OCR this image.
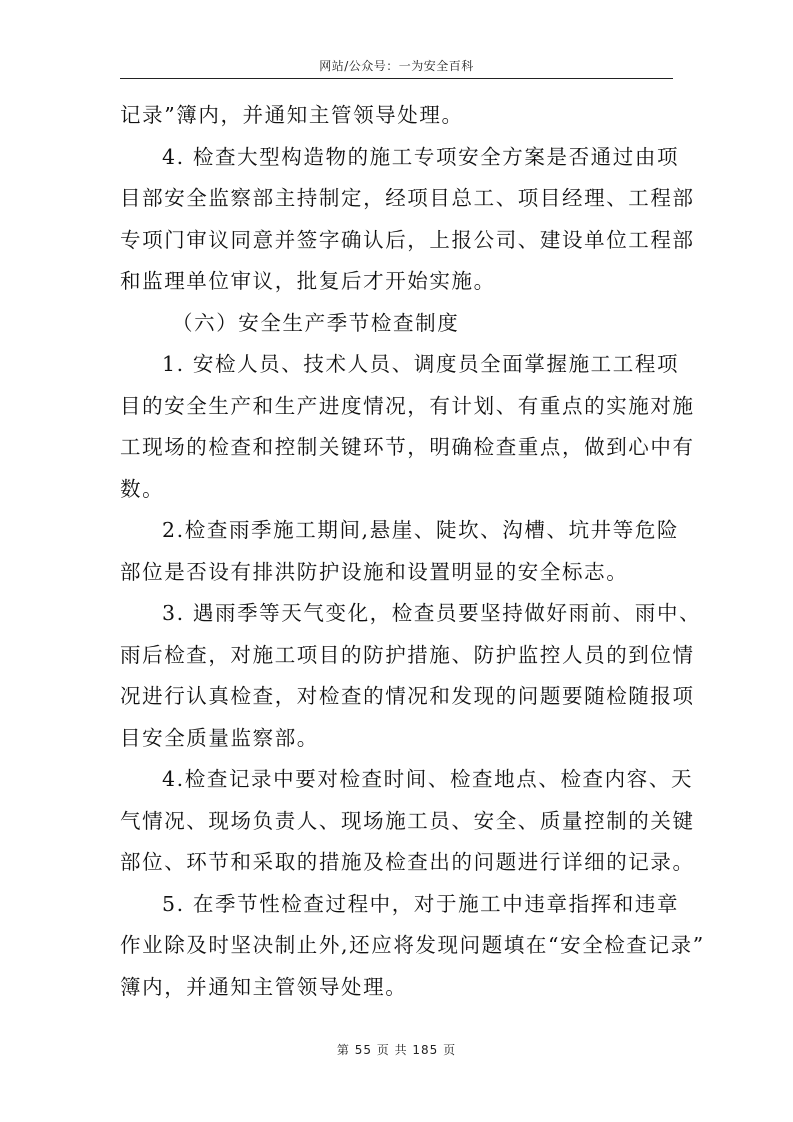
网站/公众号：一为安全百科
记录”簿内，并通知主管领导处理。
4. 检查大型构造物的施工专项安全方案是否通过由项
目部安全监察部主持制定，经项目总工、项目经理、工程部
专项门审议同意并签字确认后，上报公司、建设单位工程部
和监理单位审议，批复后才开始实施。
（六）安全生产季节检查制度
1. 安检人员、技术人员、调度员全面掌握施工工程项
目的安全生产和生产进度情况，有计划、有重点的实施对施
工现场的检查和控制关键环节，明确检查重点，做到心中有
数。
2.检查雨季施工期间,悬崖、陡坎、沟槽、坑井等危险
部位是否设有排洪防护设施和设置明显的安全标志。
3. 遇雨季等天气变化，检查员要坚持做好雨前、雨中、
雨后检查，对施工项目的防护措施、防护监控人员的到位情
况进行认真检查，对检查的情况和发现的问题要随检随报项
目安全质量监察部。
4.检查记录中要对检查时间、检查地点、检查内容、天
气情况、现场负责人、现场施工员、安全、质量控制的关键
部位、环节和采取的措施及检查出的问题进行详细的记录。
5. 在季节性检查过程中，对于施工中违章指挥和违章
作业除及时坚决制止外,还应将发现问题填在“安全检查记录”
簿内，并通知主管领导处理。
第 55 页 共 185 页
